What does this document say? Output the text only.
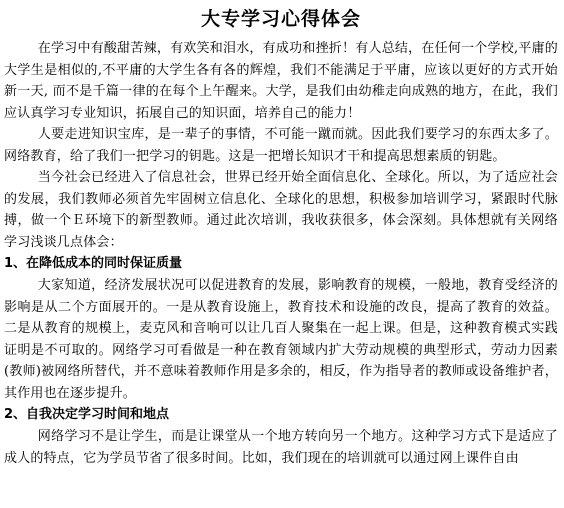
大专学习心得体会

在学习中有酸甜苦辣，有欢笑和泪水，有成功和挫折！有人总结，在任何一个学校,平庸的大学生是相似的,不平庸的大学生各有各的辉煌，我们不能满足于平庸，应该以更好的方式开始新一天, 而不是千篇一律的在每个上午醒来。大学，是我们由幼稚走向成熟的地方，在此，我们应认真学习专业知识，拓展自己的知识面，培养自己的能力！

人要走进知识宝库，是一辈子的事情，不可能一蹴而就。因此我们要学习的东西太多了。网络教育，给了我们一把学习的钥匙。这是一把增长知识才干和提高思想素质的钥匙。

当今社会已经进入了信息社会，世界已经开始全面信息化、全球化。所以，为了适应社会的发展，我们教师必须首先牢固树立信息化、全球化的思想，积极参加培训学习，紧跟时代脉搏，做一个Ｅ环境下的新型教师。通过此次培训，我收获很多，体会深刻。具体想就有关网络学习浅谈几点体会：

1、在降低成本的同时保证质量

大家知道，经济发展状况可以促进教育的发展，影响教育的规模，一般地，教育受经济的影响是从二个方面展开的。一是从教育设施上，教育技术和设施的改良，提高了教育的效益。二是从教育的规模上，麦克风和音响可以让几百人聚集在一起上课。但是，这种教育模式实践证明是不可取的。网络学习可看做是一种在教育领域内扩大劳动规模的典型形式，劳动力因素(教师)被网络所替代，并不意味着教师作用是多余的，相反，作为指导者的教师或设备维护者，其作用也在逐步提升。

2、自我决定学习时间和地点

网络学习不是让学生，而是让课堂从一个地方转向另一个地方。这种学习方式下是适应了成人的特点，它为学员节省了很多时间。比如，我们现在的培训就可以通过网上课件自由
